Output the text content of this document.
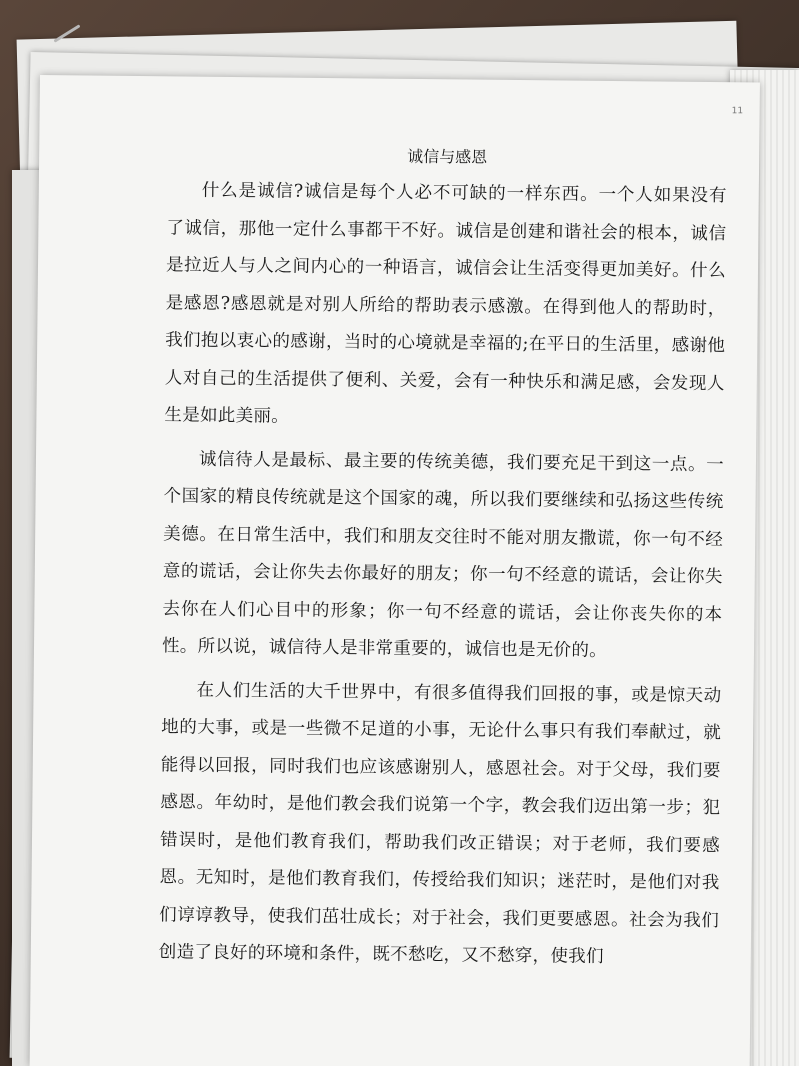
11
诚信与感恩

什么是诚信?诚信是每个人必不可缺的一样东西。一个人如果没有了诚信，那他一定什么事都干不好。诚信是创建和谐社会的根本，诚信是拉近人与人之间内心的一种语言，诚信会让生活变得更加美好。什么是感恩?感恩就是对别人所给的帮助表示感激。在得到他人的帮助时，我们抱以衷心的感谢，当时的心境就是幸福的;在平日的生活里，感谢他人对自己的生活提供了便利、关爱，会有一种快乐和满足感，会发现人生是如此美丽。

诚信待人是最标、最主要的传统美德，我们要充足干到这一点。一个国家的精良传统就是这个国家的魂，所以我们要继续和弘扬这些传统美德。在日常生活中，我们和朋友交往时不能对朋友撒谎，你一句不经意的谎话，会让你失去你最好的朋友；你一句不经意的谎话，会让你失去你在人们心目中的形象；你一句不经意的谎话，会让你丧失你的本性。所以说，诚信待人是非常重要的，诚信也是无价的。

在人们生活的大千世界中，有很多值得我们回报的事，或是惊天动地的大事，或是一些微不足道的小事，无论什么事只有我们奉献过，就能得以回报，同时我们也应该感谢别人，感恩社会。对于父母，我们要感恩。年幼时，是他们教会我们说第一个字，教会我们迈出第一步；犯错误时，是他们教育我们，帮助我们改正错误；对于老师，我们要感恩。无知时，是他们教育我们，传授给我们知识；迷茫时，是他们对我们谆谆教导，使我们茁壮成长；对于社会，我们更要感恩。社会为我们创造了良好的环境和条件，既不愁吃，又不愁穿，使我们
